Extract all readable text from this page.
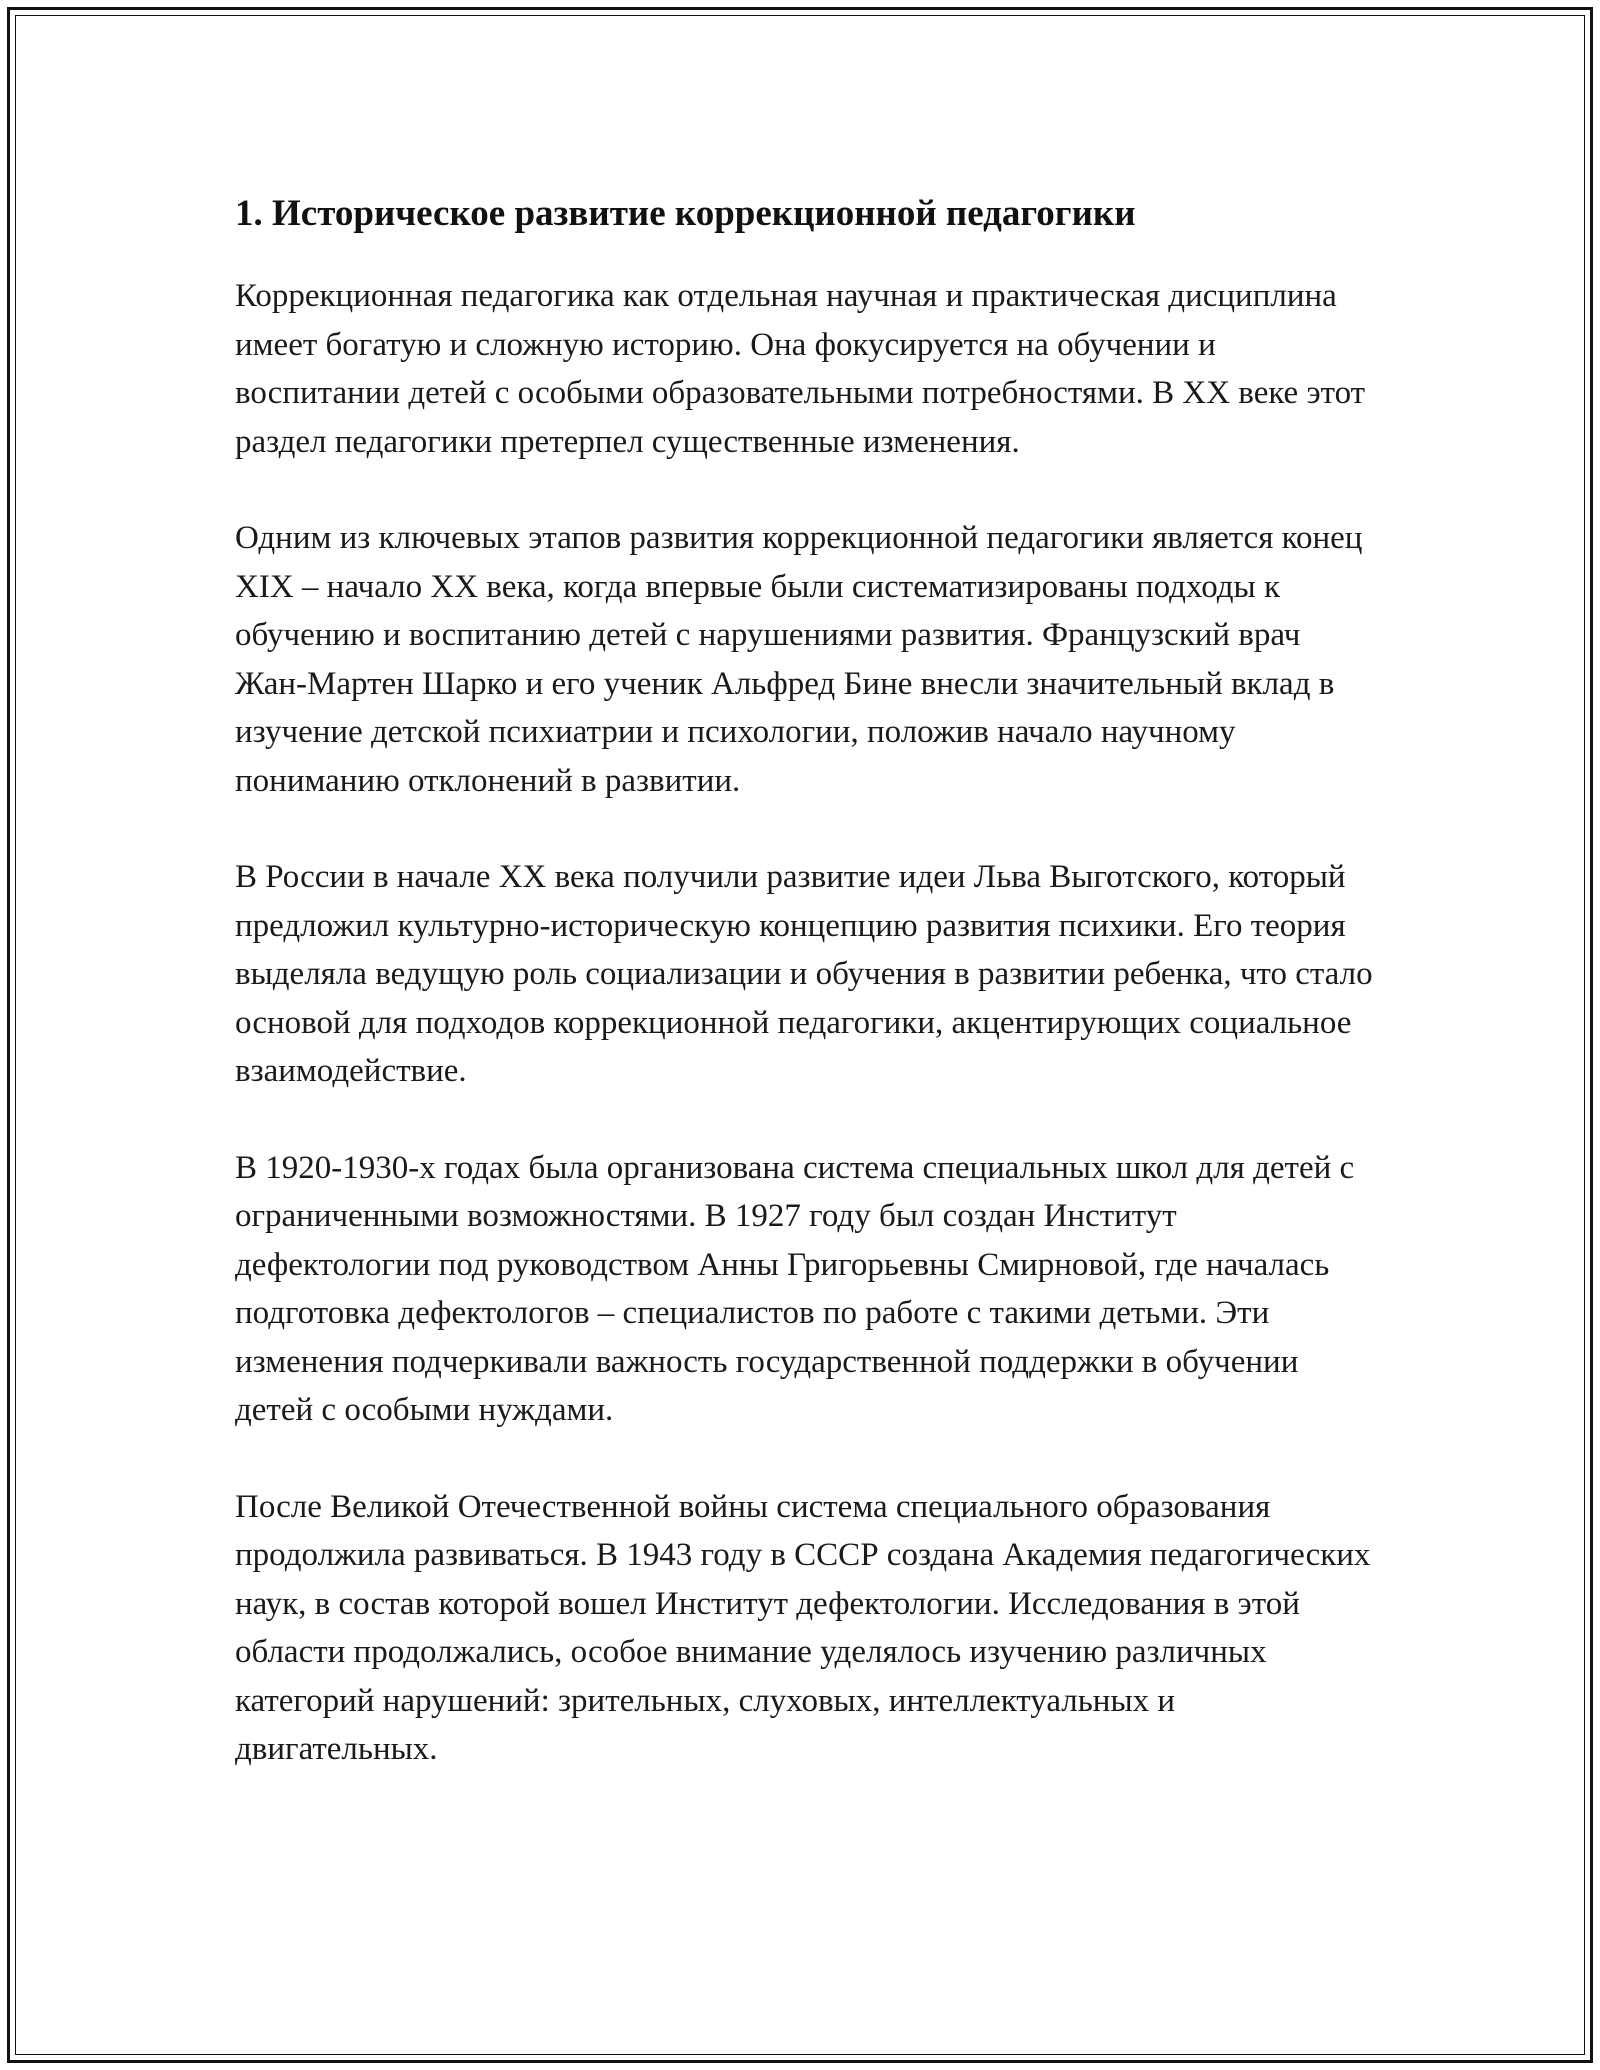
1. Историческое развитие коррекционной педагогики

Коррекционная педагогика как отдельная научная и практическая дисциплина имеет богатую и сложную историю. Она фокусируется на обучении и воспитании детей с особыми образовательными потребностями. В XX веке этот раздел педагогики претерпел существенные изменения.

Одним из ключевых этапов развития коррекционной педагогики является конец XIX – начало XX века, когда впервые были систематизированы подходы к обучению и воспитанию детей с нарушениями развития. Французский врач Жан-Мартен Шарко и его ученик Альфред Бине внесли значительный вклад в изучение детской психиатрии и психологии, положив начало научному пониманию отклонений в развитии.

В России в начале XX века получили развитие идеи Льва Выготского, который предложил культурно-историческую концепцию развития психики. Его теория выделяла ведущую роль социализации и обучения в развитии ребенка, что стало основой для подходов коррекционной педагогики, акцентирующих социальное взаимодействие.

В 1920-1930-х годах была организована система специальных школ для детей с ограниченными возможностями. В 1927 году был создан Институт дефектологии под руководством Анны Григорьевны Смирновой, где началась подготовка дефектологов – специалистов по работе с такими детьми. Эти изменения подчеркивали важность государственной поддержки в обучении детей с особыми нуждами.

После Великой Отечественной войны система специального образования продолжила развиваться. В 1943 году в СССР создана Академия педагогических наук, в состав которой вошел Институт дефектологии. Исследования в этой области продолжались, особое внимание уделялось изучению различных категорий нарушений: зрительных, слуховых, интеллектуальных и двигательных.
